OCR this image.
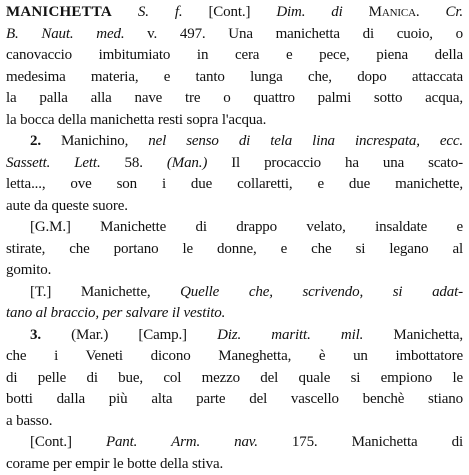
MANICHETTA S. f. [Cont.] Dim. di Manica. Cr.
B. Naut. med. v. 497. Una manichetta di cuoio, o
canovaccio imbitumiato in cera e pece, piena della
medesima materia, e tanto lunga che, dopo attaccata
la palla alla nave tre o quattro palmi sotto acqua,
la bocca della manichetta resti sopra l'acqua.
2. Manichino, nel senso di tela lina increspata, ecc.
Sassett. Lett. 58. (Man.) Il procaccio ha una scato-
letta..., ove son i due collaretti, e due manichette,
aute da queste suore.
[G.M.] Manichette di drappo velato, insaldate e
stirate, che portano le donne, e che si legano al
gomito.
[T.] Manichette, Quelle che, scrivendo, si adat-
tano al braccio, per salvare il vestito.
3. (Mar.) [Camp.] Diz. maritt. mil. Manichetta,
che i Veneti dicono Maneghetta, è un imbottatore
di pelle di bue, col mezzo del quale si empiono le
botti dalla più alta parte del vascello benchè stiano
a basso.
[Cont.] Pant. Arm. nav. 175. Manichetta di
corame per empir le botte della stiva.
